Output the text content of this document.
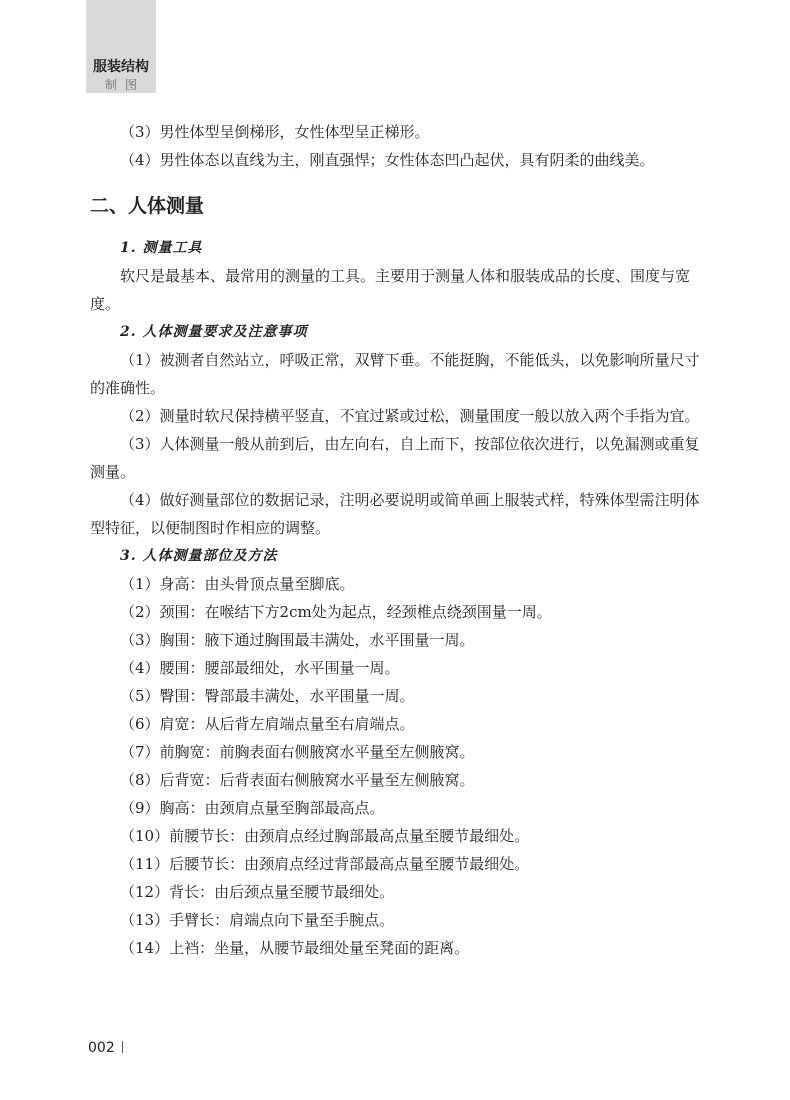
服装结构
制图

（3）男性体型呈倒梯形，女性体型呈正梯形。

（4）男性体态以直线为主，刚直强悍；女性体态凹凸起伏，具有阴柔的曲线美。

二、人体测量

1. 测量工具

软尺是最基本、最常用的测量的工具。主要用于测量人体和服装成品的长度、围度与宽度。

2. 人体测量要求及注意事项

（1）被测者自然站立，呼吸正常，双臂下垂。不能挺胸，不能低头，以免影响所量尺寸的准确性。

（2）测量时软尺保持横平竖直，不宜过紧或过松，测量围度一般以放入两个手指为宜。

（3）人体测量一般从前到后，由左向右，自上而下，按部位依次进行，以免漏测或重复测量。

（4）做好测量部位的数据记录，注明必要说明或简单画上服装式样，特殊体型需注明体型特征，以便制图时作相应的调整。

3. 人体测量部位及方法

（1）身高：由头骨顶点量至脚底。

（2）颈围：在喉结下方2cm处为起点，经颈椎点绕颈围量一周。

（3）胸围：腋下通过胸围最丰满处，水平围量一周。

（4）腰围：腰部最细处，水平围量一周。

（5）臀围：臀部最丰满处，水平围量一周。

（6）肩宽：从后背左肩端点量至右肩端点。

（7）前胸宽：前胸表面右侧腋窝水平量至左侧腋窝。

（8）后背宽：后背表面右侧腋窝水平量至左侧腋窝。

（9）胸高：由颈肩点量至胸部最高点。

（10）前腰节长：由颈肩点经过胸部最高点量至腰节最细处。

（11）后腰节长：由颈肩点经过背部最高点量至腰节最细处。

（12）背长：由后颈点量至腰节最细处。

（13）手臂长：肩端点向下量至手腕点。

（14）上裆：坐量，从腰节最细处量至凳面的距离。

002
